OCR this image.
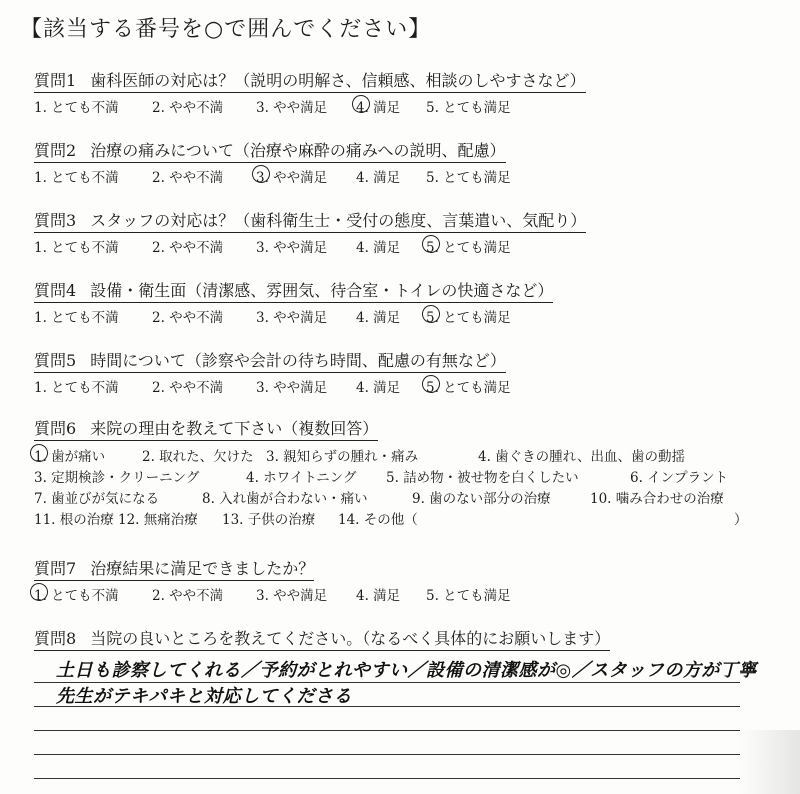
【該当する番号を○で囲んでください】
質問1 歯科医師の対応は？（説明の明解さ、信頼感、相談のしやすさなど）
1. とても不満 2. やや不満 3. やや満足 4. 満足 5. とても満足
質問2 治療の痛みについて（治療や麻酔の痛みへの説明、配慮）
1. とても不満 2. やや不満 3. やや満足 4. 満足 5. とても満足
質問3 スタッフの対応は？（歯科衛生士・受付の態度、言葉遣い、気配り）
1. とても不満 2. やや不満 3. やや満足 4. 満足 5. とても満足
質問4 設備・衛生面（清潔感、雰囲気、待合室・トイレの快適さなど）
1. とても不満 2. やや不満 3. やや満足 4. 満足 5. とても満足
質問5 時間について（診察や会計の待ち時間、配慮の有無など）
1. とても不満 2. やや不満 3. やや満足 4. 満足 5. とても満足
質問6 来院の理由を教えて下さい（複数回答）
1. 歯が痛い	2. 取れた、欠けた 3. 親知らずの腫れ・痛み	4. 歯ぐきの腫れ、出血、歯の動揺
3. 定期検診・クリーニング	4. ホワイトニング 5. 詰め物・被せ物を白くしたい	6. インプラント
7. 歯並びが気になる	8. 入れ歯が合わない・痛い	9. 歯のない部分の治療	10. 噛み合わせの治療
11. 根の治療 12. 無痛治療 13. 子供の治療 14. その他（	）
質問7 治療結果に満足できましたか？
1. とても不満 2. やや不満 3. やや満足 4. 満足 5. とても満足
質問8 当院の良いところを教えてください。（なるべく具体的にお願いします）
土日も診察してくれる／予約がとれやすい／設備の清潔感が◎／スタッフの方が丁寧
先生がテキパキと対応してくださる
